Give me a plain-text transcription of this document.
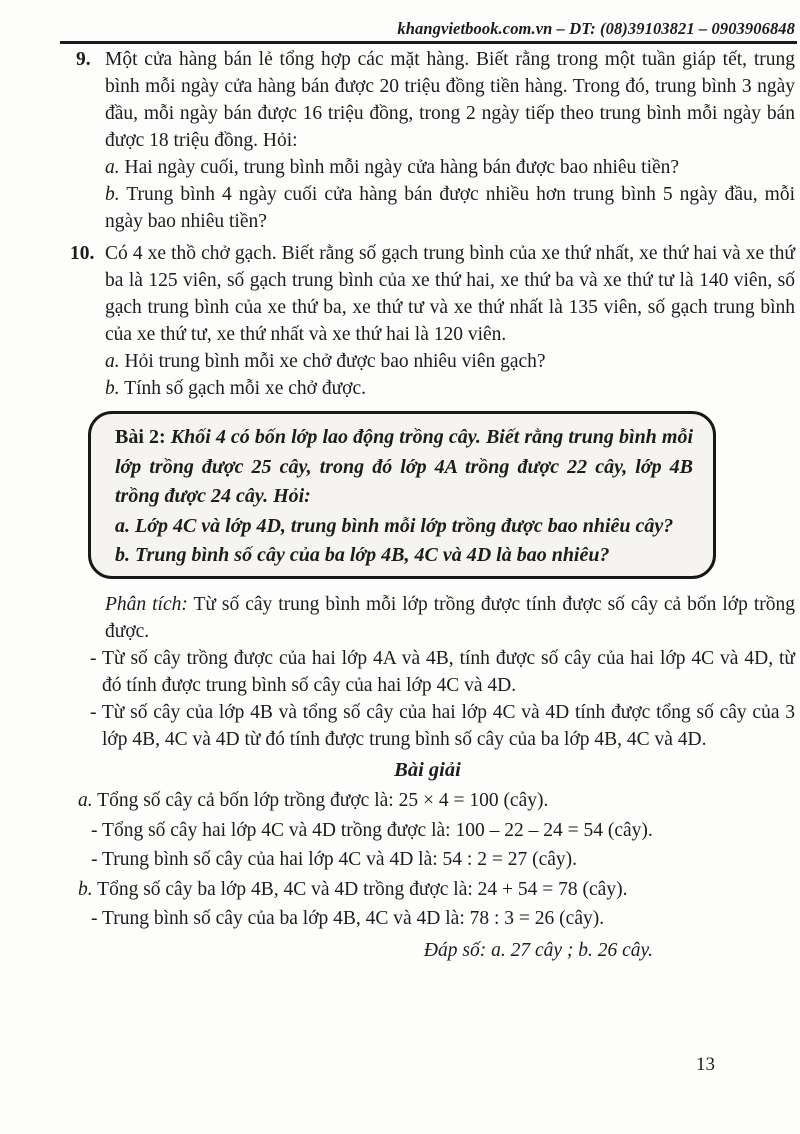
khangvietbook.com.vn – DT: (08)39103821 – 0903906848
9. Một cửa hàng bán lẻ tổng hợp các mặt hàng. Biết rằng trong một tuần giáp tết, trung bình mỗi ngày cửa hàng bán được 20 triệu đồng tiền hàng. Trong đó, trung bình 3 ngày đầu, mỗi ngày bán được 16 triệu đồng, trong 2 ngày tiếp theo trung bình mỗi ngày bán được 18 triệu đồng. Hỏi:

a. Hai ngày cuối, trung bình mỗi ngày cửa hàng bán được bao nhiêu tiền?

b. Trung bình 4 ngày cuối cửa hàng bán được nhiều hơn trung bình 5 ngày đầu, mỗi ngày bao nhiêu tiền?

10. Có 4 xe thồ chở gạch. Biết rằng số gạch trung bình của xe thứ nhất, xe thứ hai và xe thứ ba là 125 viên, số gạch trung bình của xe thứ hai, xe thứ ba và xe thứ tư là 140 viên, số gạch trung bình của xe thứ ba, xe thứ tư và xe thứ nhất là 135 viên, số gạch trung bình của xe thứ tư, xe thứ nhất và xe thứ hai là 120 viên.

a. Hỏi trung bình mỗi xe chở được bao nhiêu viên gạch?

b. Tính số gạch mỗi xe chở được.

Bài 2: Khối 4 có bốn lớp lao động trồng cây. Biết rằng trung bình mỗi lớp trồng được 25 cây, trong đó lớp 4A trồng được 22 cây, lớp 4B trồng được 24 cây. Hỏi:

a. Lớp 4C và lớp 4D, trung bình mỗi lớp trồng được bao nhiêu cây?

b. Trung bình số cây của ba lớp 4B, 4C và 4D là bao nhiêu?

Phân tích: Từ số cây trung bình mỗi lớp trồng được tính được số cây cả bốn lớp trồng được.

- Từ số cây trồng được của hai lớp 4A và 4B, tính được số cây của hai lớp 4C và 4D, từ đó tính được trung bình số cây của hai lớp 4C và 4D.

- Từ số cây của lớp 4B và tổng số cây của hai lớp 4C và 4D tính được tổng số cây của 3 lớp 4B, 4C và 4D từ đó tính được trung bình số cây của ba lớp 4B, 4C và 4D.

Bài giải

a. Tổng số cây cả bốn lớp trồng được là: 25 × 4 = 100 (cây).

- Tổng số cây hai lớp 4C và 4D trồng được là: 100 – 22 – 24 = 54 (cây).

- Trung bình số cây của hai lớp 4C và 4D là: 54 : 2 = 27 (cây).

b. Tổng số cây ba lớp 4B, 4C và 4D trồng được là: 24 + 54 = 78 (cây).

- Trung bình số cây của ba lớp 4B, 4C và 4D là: 78 : 3 = 26 (cây).

Đáp số: a. 27 cây ; b. 26 cây.

13
